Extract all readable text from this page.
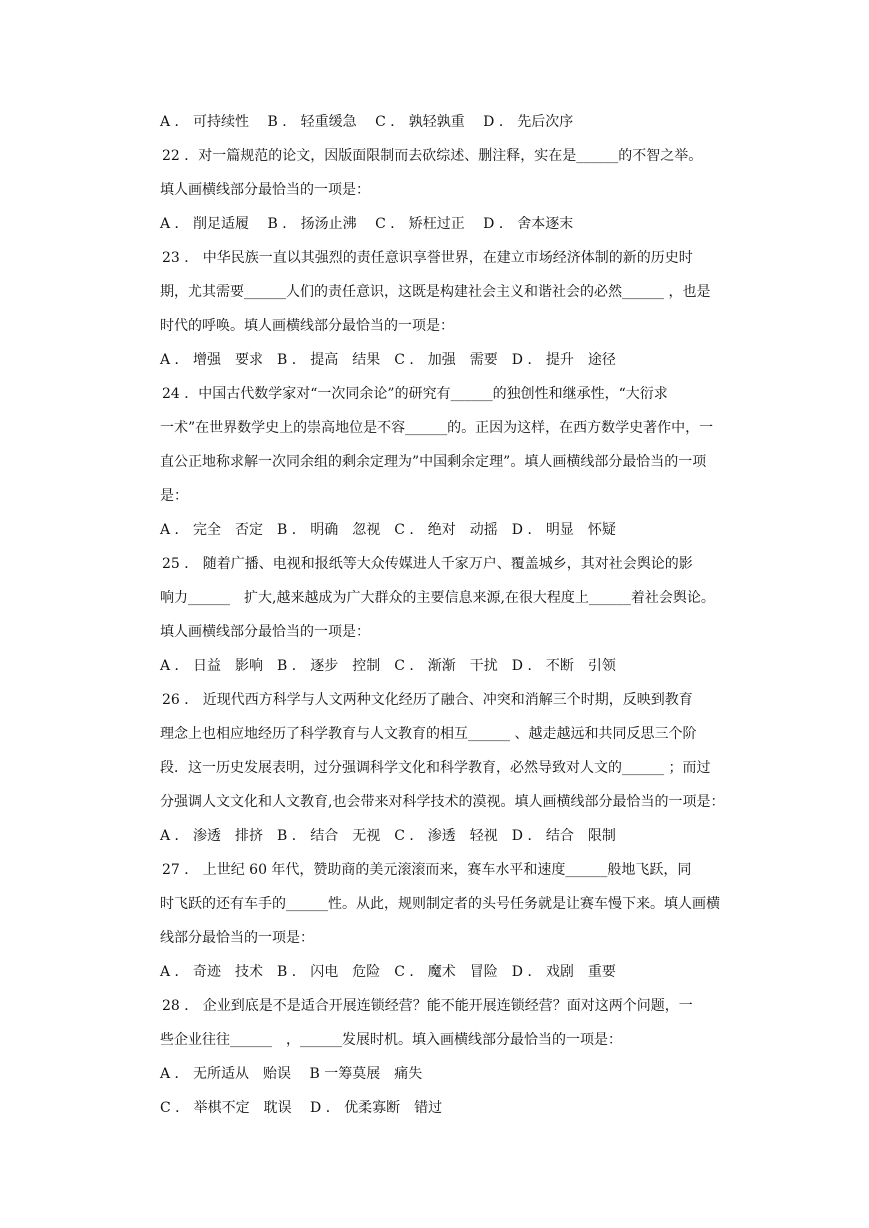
A ． 可持续性　 B ． 轻重缓急　 C ． 孰轻孰重　 D ． 先后次序
22 ．对一篇规范的论文，因版面限制而去砍综述、删注释，实在是______的不智之举。
填人画横线部分最恰当的一项是：
A ． 削足适履　 B ． 扬汤止沸　 C ． 矫枉过正　 D ． 舍本逐末
23 ． 中华民族一直以其强烈的责任意识享誉世界，在建立市场经济体制的新的历史时
期，尤其需要______人们的责任意识，这既是构建社会主义和谐社会的必然______ ，也是
时代的呼唤。填人画横线部分最恰当的一项是：
A ． 增强　要求　B ． 提高　结果　C ． 加强　需要　D ． 提升　途径
24 ．中国古代数学家对“一次同余论”的研究有______的独创性和继承性，“大衍求
一术”在世界数学史上的崇高地位是不容______的。正因为这样，在西方数学史著作中，一
直公正地称求解一次同余组的剩余定理为”中国剩余定理”。填人画横线部分最恰当的一项
是：
A ． 完全　否定　B ． 明确　忽视　C ． 绝对　动摇　D ． 明显　怀疑
25 ． 随着广播、电视和报纸等大众传媒进人千家万户、覆盖城乡，其对社会舆论的影
响力______　扩大,越来越成为广大群众的主要信息来源,在很大程度上______着社会舆论。
填人画横线部分最恰当的一项是：
A ． 日益　影响　B ． 逐步　控制　C ． 渐渐　干扰　D ． 不断　引领
26 ． 近现代西方科学与人文两种文化经历了融合、冲突和消解三个时期，反映到教育
理念上也相应地经历了科学教育与人文教育的相互______ 、越走越远和共同反思三个阶
段．这一历史发展表明，过分强调科学文化和科学教育，必然导致对人文的______ ；而过
分强调人文文化和人文教育,也会带来对科学技术的漠视。填人画横线部分最恰当的一项是：
A ． 渗透　排挤　B ． 结合　无视　C ． 渗透　轻视　D ． 结合　限制
27 ． 上世纪 60 年代，赞助商的美元滚滚而来，赛车水平和速度______般地飞跃，同
时飞跃的还有车手的______性。从此，规则制定者的头号任务就是让赛车慢下来。填人画横
线部分最恰当的一项是：
A ． 奇迹　技术　B ． 闪电　危险　C ． 魔术　冒险　D ． 戏剧　重要
28 ． 企业到底是不是适合开展连锁经营？能不能开展连锁经营？面对这两个问题，一
些企业往往______　，______发展时机。填入画横线部分最恰当的一项是：
A ． 无所适从　贻误　 B 一筹莫展　痛失
C ． 举棋不定　耽误　 D ． 优柔寡断　错过
